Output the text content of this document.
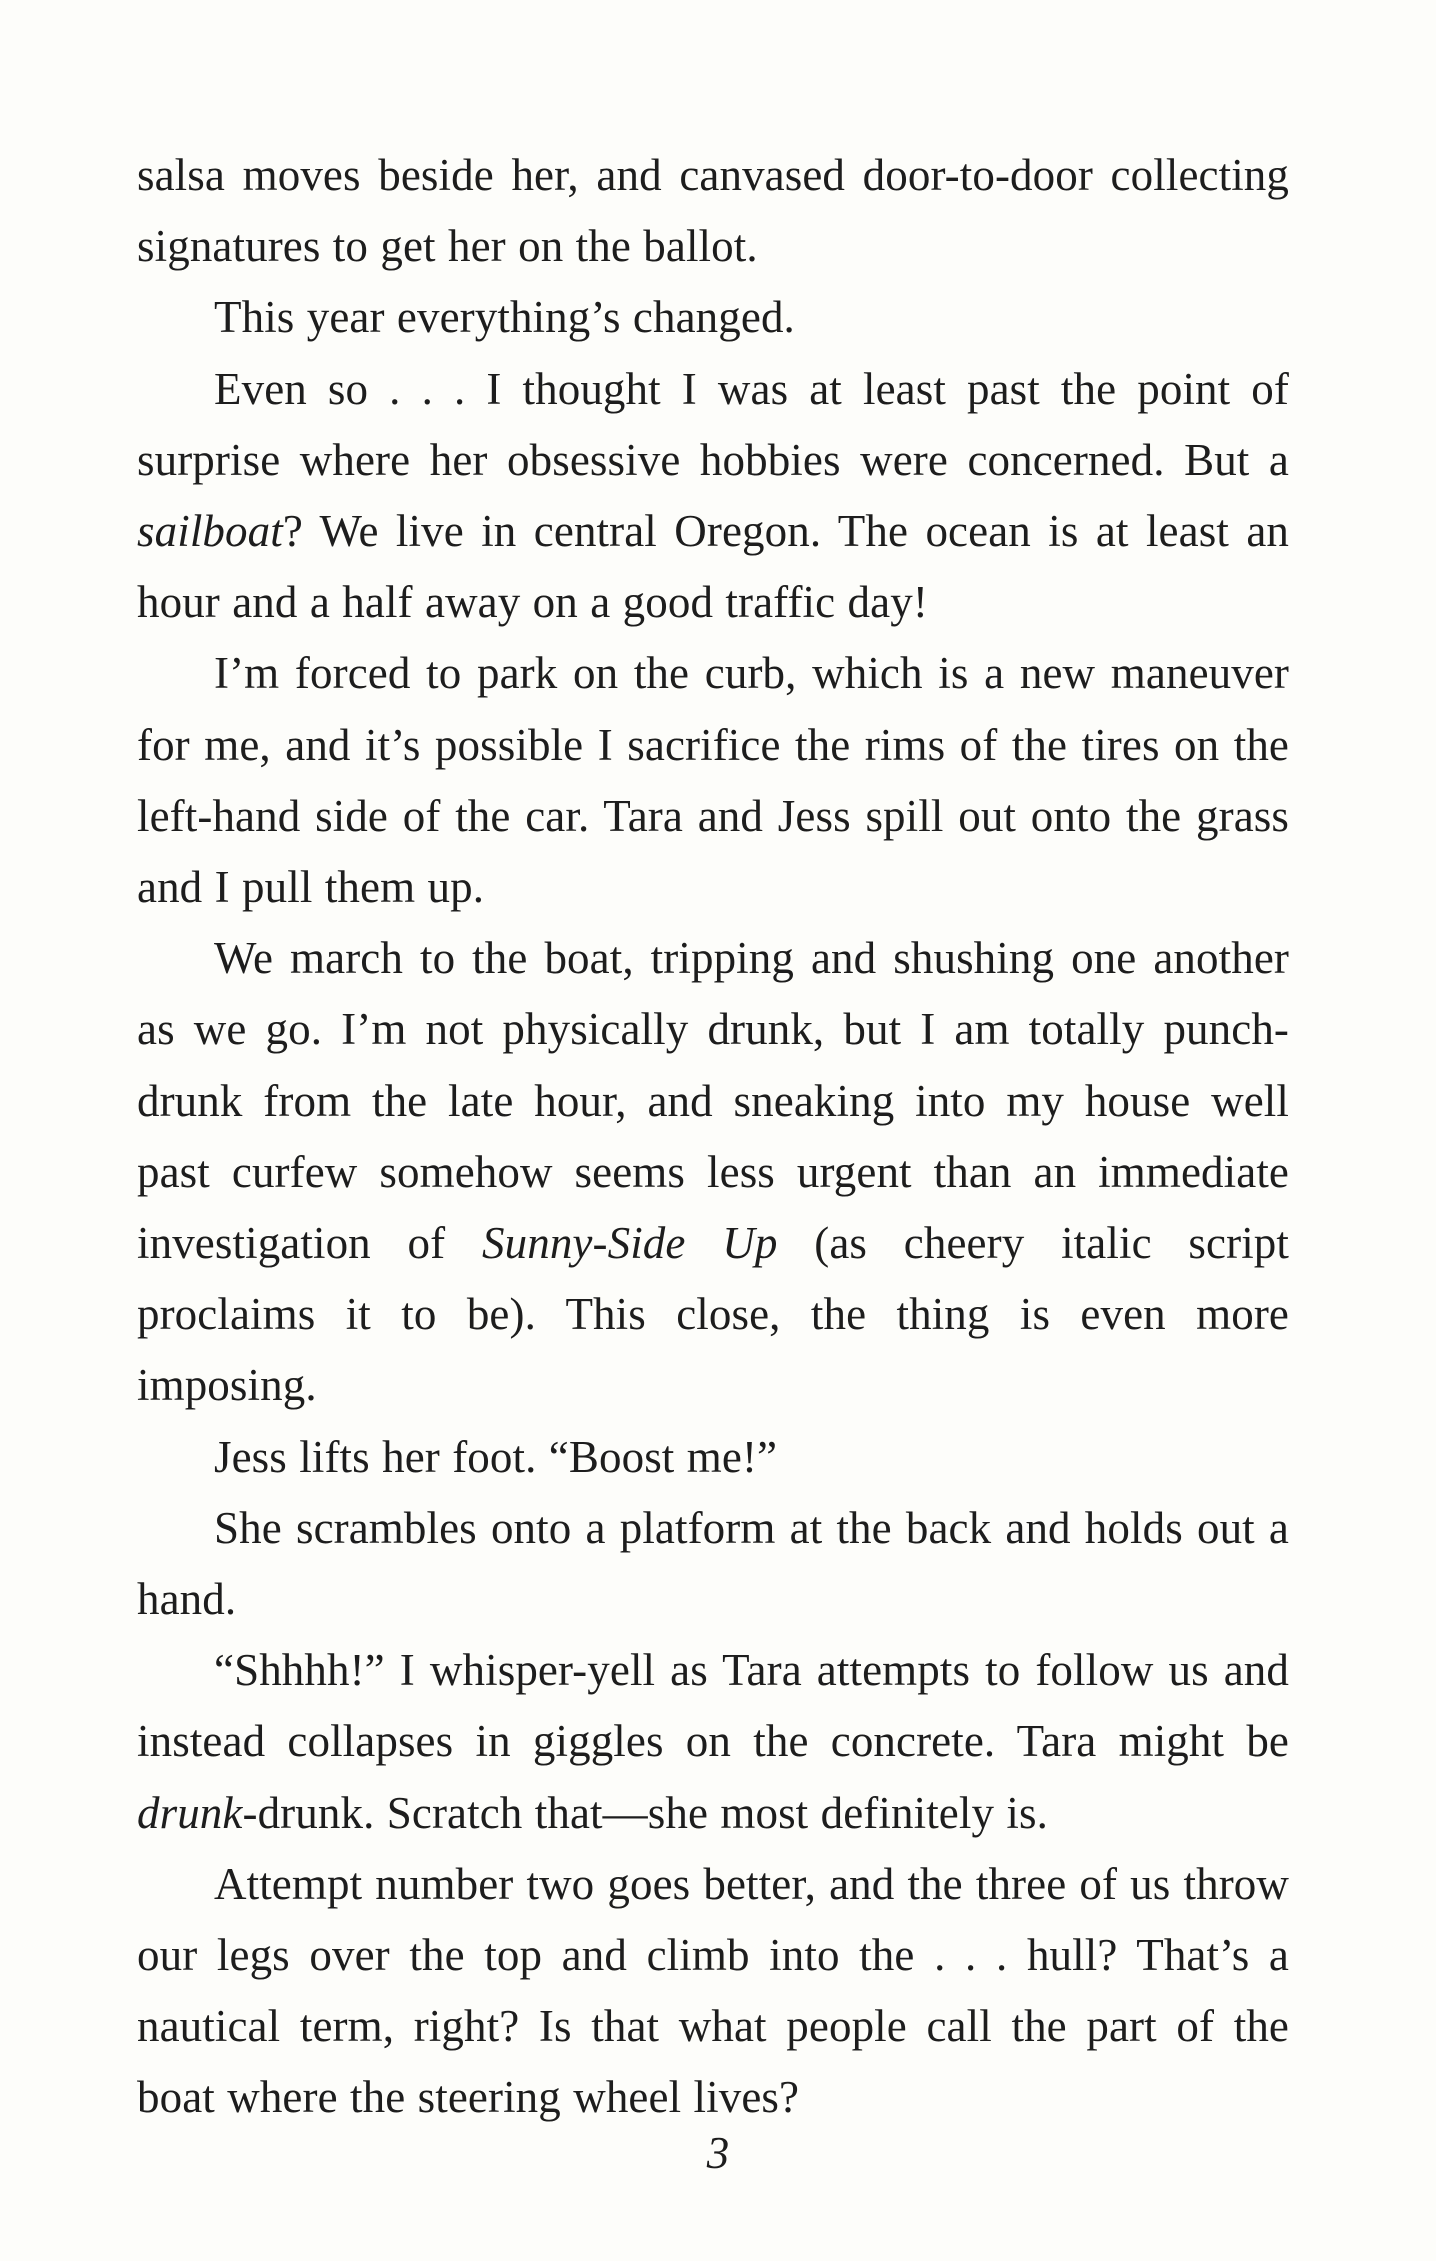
salsa moves beside her, and canvased door-to-door collecting signatures to get her on the ballot.

This year everything’s changed.

Even so . . . I thought I was at least past the point of surprise where her obsessive hobbies were concerned. But a sailboat? We live in central Oregon. The ocean is at least an hour and a half away on a good traffic day!

I’m forced to park on the curb, which is a new maneuver for me, and it’s possible I sacrifice the rims of the tires on the left-hand side of the car. Tara and Jess spill out onto the grass and I pull them up.

We march to the boat, tripping and shushing one another as we go. I’m not physically drunk, but I am totally punch-drunk from the late hour, and sneaking into my house well past curfew somehow seems less urgent than an immediate investigation of Sunny-Side Up (as cheery italic script proclaims it to be). This close, the thing is even more imposing.

Jess lifts her foot. “Boost me!”

She scrambles onto a platform at the back and holds out a hand.

“Shhhh!” I whisper-yell as Tara attempts to follow us and instead collapses in giggles on the concrete. Tara might be drunk-drunk. Scratch that—she most definitely is.

Attempt number two goes better, and the three of us throw our legs over the top and climb into the . . . hull? That’s a nautical term, right? Is that what people call the part of the boat where the steering wheel lives?

3
